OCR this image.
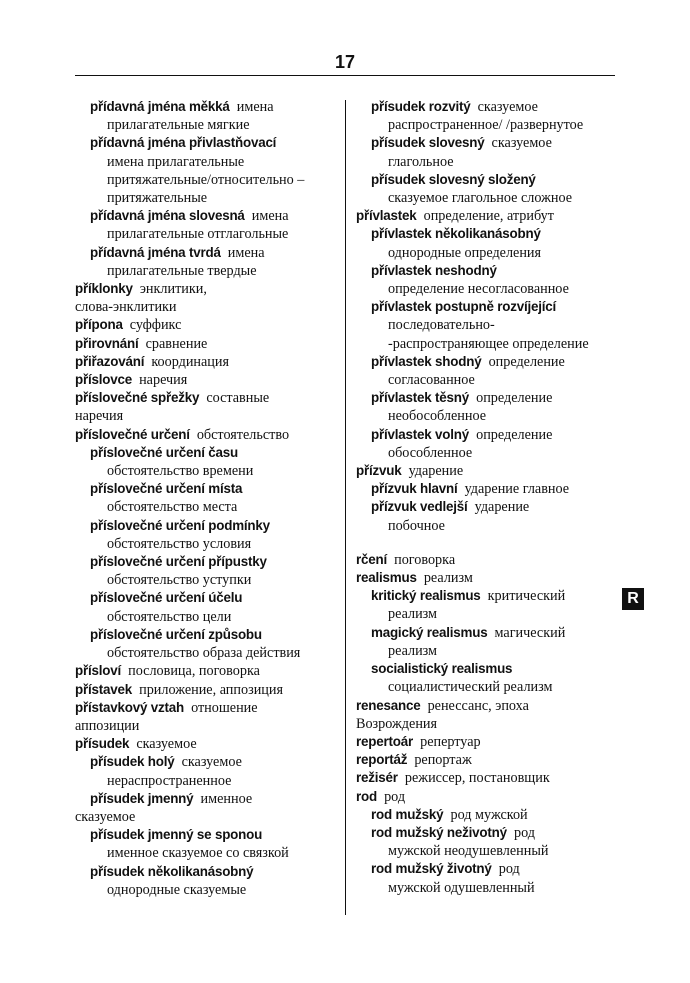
17
přídavná jména měkká  имена
прилагательные мягкие
přídavná jména přivlastňovací
имена прилагательные притяжательные/относительно – притяжательные
přídavná jména slovesná  имена
прилагательные отглагольные
přídavná jména tvrdá  имена
прилагательные твердые
příklonky  энклитики,
слова-энклитики
přípona  суффикс
přirovnání  сравнение
přiřazování  координация
příslovce  наречия
příslovečné spřežky  составные
наречия
příslovečné určení  обстоятельство
příslovečné určení času
обстоятельство времени
příslovečné určení místa
обстоятельство места
příslovečné určení podmínky
обстоятельство условия
příslovečné určení přípustky
обстоятельство уступки
příslovečné určení účelu
обстоятельство цели
příslovečné určení způsobu
обстоятельство образа действия
přísloví  пословица, поговорка
přístavek  приложение, аппозиция
přístavkový vztah  отношение
аппозиции
přísudek  сказуемое
přísudek holý  сказуемое
нераспространенное
přísudek jmenný  именное
сказуемое
přísudek jmenný se sponou
именное сказуемое со связкой
přísudek několikanásobný
однородные сказуемые
přísudek rozvitý  сказуемое
распространенное/ /развернутое
přísudek slovesný  сказуемое
глагольное
přísudek slovesný složený
сказуемое глагольное сложное
přívlastek  определение, атрибут
přívlastek několikanásobný
однородные определения
přívlastek neshodný
определение несогласованное
přívlastek postupně rozvíjející
последовательно- -распространяющее определение
přívlastek shodný  определение
согласованное
přívlastek těsný  определение
необособленное
přívlastek volný  определение
обособленное
přízvuk  ударение
přízvuk hlavní  ударение главное
přízvuk vedlejší  ударение
побочное
rčení  поговорка
realismus  реализм
kritický realismus  критический
реализм
magický realismus  магический
реализм
socialistický realismus
социалистический реализм
renesance  ренессанс, эпоха
Возрождения
repertoár  репертуар
reportáž  репортаж
režisér  режиссер, постановщик
rod  род
rod mužský  род мужской
rod mužský neživotný  род
мужской неодушевленный
rod mužský životný  род
мужской одушевленный
R
